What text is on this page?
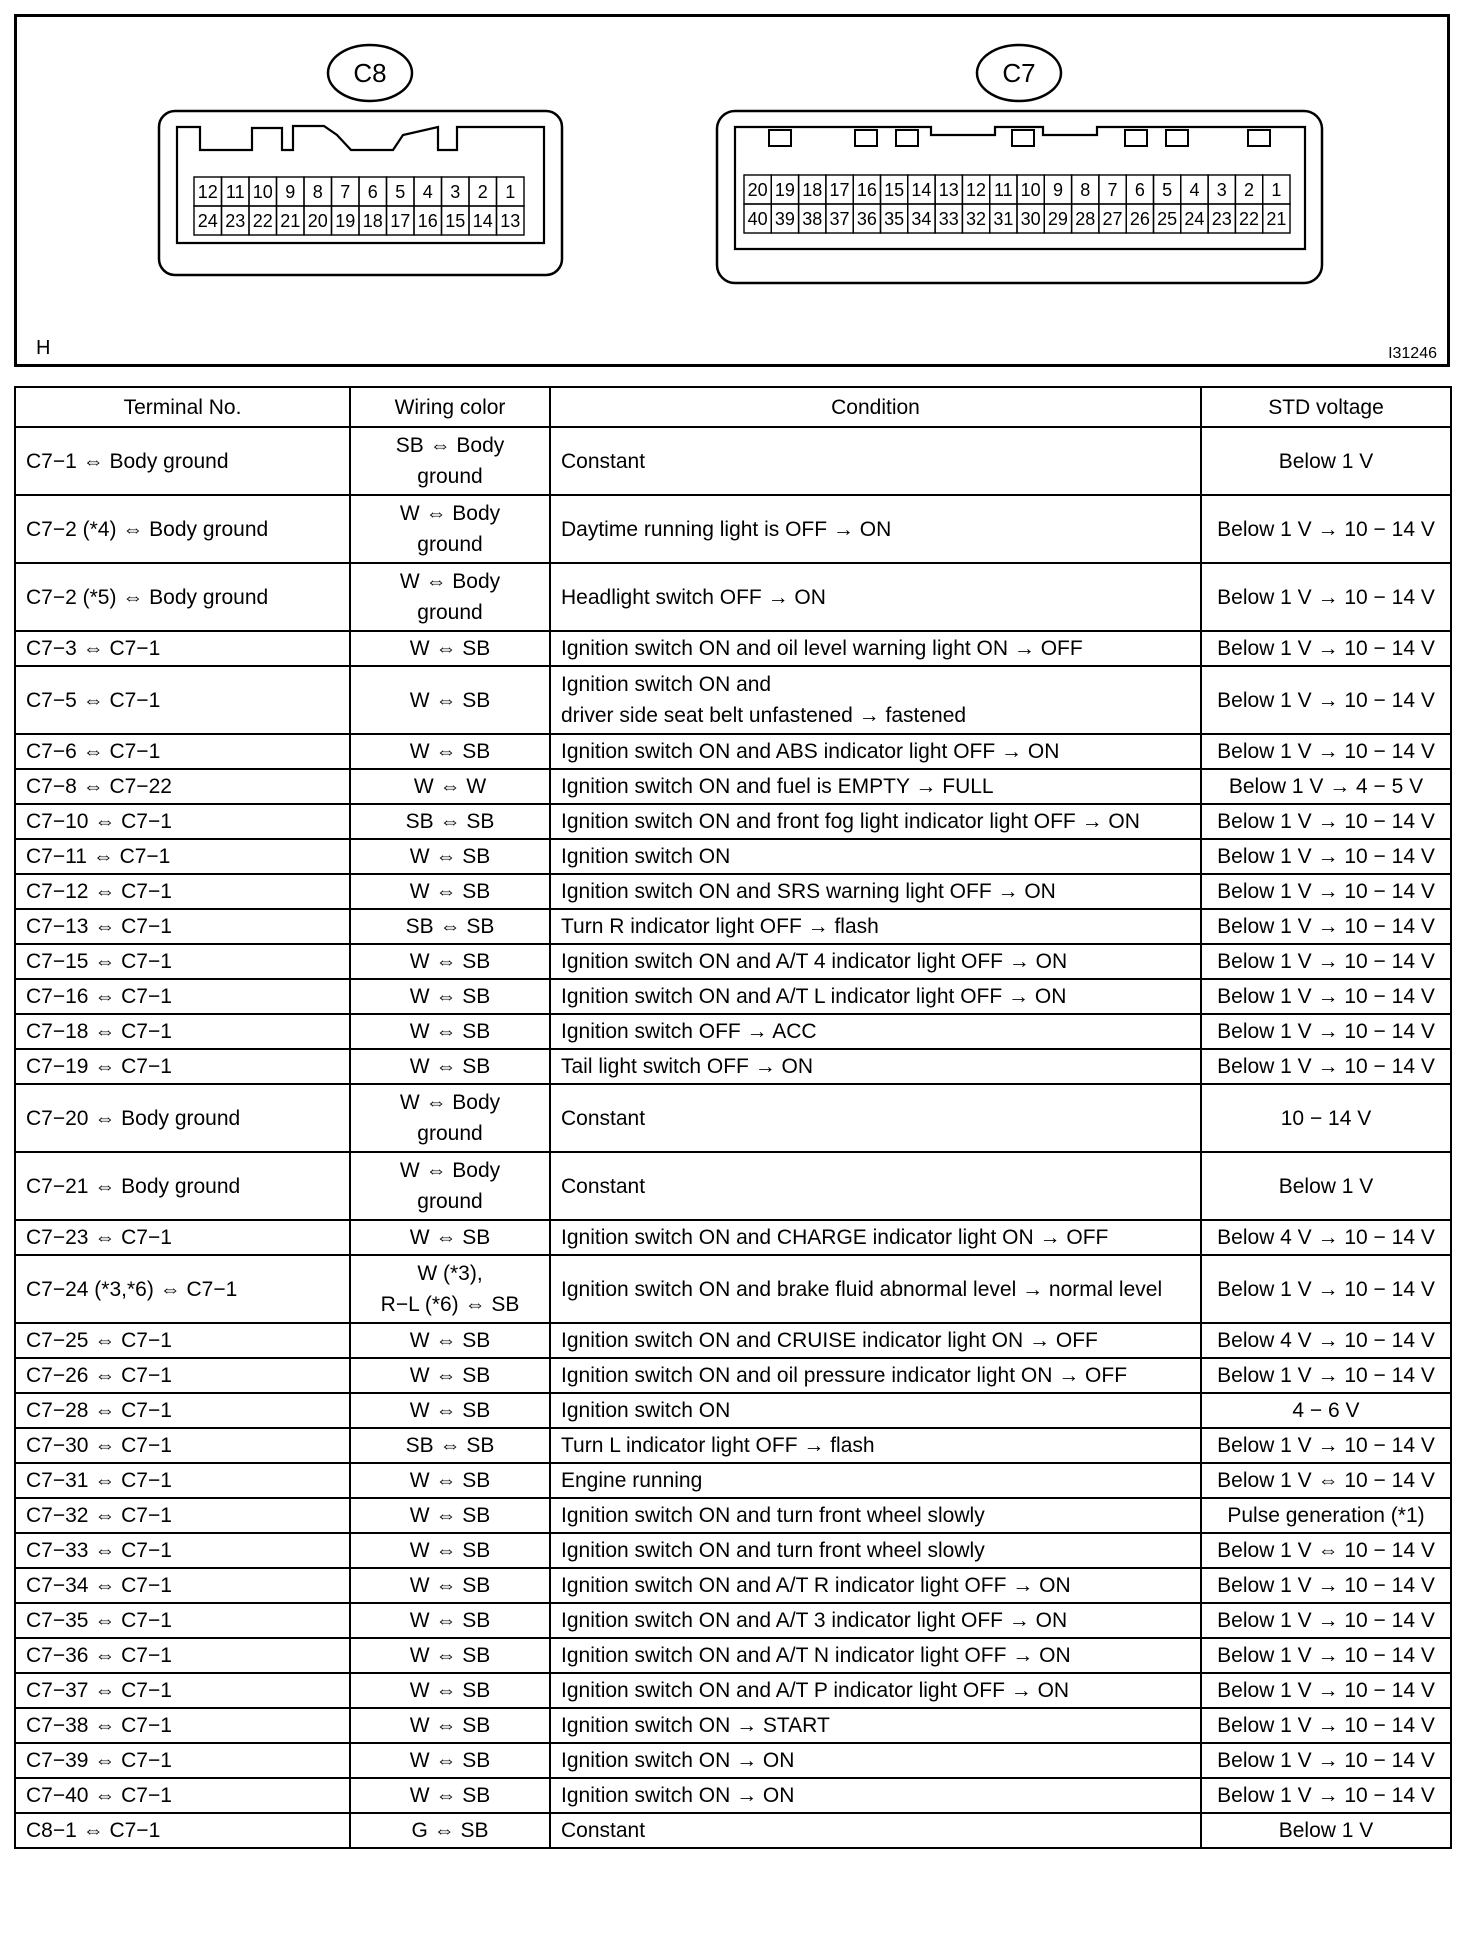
C8
12 11 10 9 8 7 6 5 4 3 2 1
24 23 22 21 20 19 18 17 16 15 14 13
C7
20 19 18 17 16 15 14 13 12 11 10 9 8 7 6 5 4 3 2 1
40 39 38 37 36 35 34 33 32 31 30 29 28 27 26 25 24 23 22 21
H	I31246
Terminal No.	Wiring color	Condition	STD voltage
C7−1 ⇔ Body ground	SB ⇔ Body
ground	Constant	Below 1 V
C7−2 (*4) ⇔ Body ground	W ⇔ Body
ground	Daytime running light is OFF → ON	Below 1 V → 10 − 14 V
C7−2 (*5) ⇔ Body ground	W ⇔ Body
ground	Headlight switch OFF → ON	Below 1 V → 10 − 14 V
C7−3 ⇔ C7−1	W ⇔ SB	Ignition switch ON and oil level warning light ON → OFF	Below 1 V → 10 − 14 V
C7−5 ⇔ C7−1	W ⇔ SB	Ignition switch ON and
driver side seat belt unfastened → fastened	Below 1 V → 10 − 14 V
C7−6 ⇔ C7−1	W ⇔ SB	Ignition switch ON and ABS indicator light OFF → ON	Below 1 V → 10 − 14 V
C7−8 ⇔ C7−22	W ⇔ W	Ignition switch ON and fuel is EMPTY → FULL	Below 1 V → 4 − 5 V
C7−10 ⇔ C7−1	SB ⇔ SB	Ignition switch ON and front fog light indicator light OFF → ON	Below 1 V → 10 − 14 V
C7−11 ⇔ C7−1	W ⇔ SB	Ignition switch ON	Below 1 V → 10 − 14 V
C7−12 ⇔ C7−1	W ⇔ SB	Ignition switch ON and SRS warning light OFF → ON	Below 1 V → 10 − 14 V
C7−13 ⇔ C7−1	SB ⇔ SB	Turn R indicator light OFF → flash	Below 1 V → 10 − 14 V
C7−15 ⇔ C7−1	W ⇔ SB	Ignition switch ON and A/T 4 indicator light OFF → ON	Below 1 V → 10 − 14 V
C7−16 ⇔ C7−1	W ⇔ SB	Ignition switch ON and A/T L indicator light OFF → ON	Below 1 V → 10 − 14 V
C7−18 ⇔ C7−1	W ⇔ SB	Ignition switch OFF → ACC	Below 1 V → 10 − 14 V
C7−19 ⇔ C7−1	W ⇔ SB	Tail light switch OFF → ON	Below 1 V → 10 − 14 V
C7−20 ⇔ Body ground	W ⇔ Body
ground	Constant	10 − 14 V
C7−21 ⇔ Body ground	W ⇔ Body
ground	Constant	Below 1 V
C7−23 ⇔ C7−1	W ⇔ SB	Ignition switch ON and CHARGE indicator light ON → OFF	Below 4 V → 10 − 14 V
C7−24 (*3,*6) ⇔ C7−1	W (*3),
R−L (*6) ⇔ SB	Ignition switch ON and brake fluid abnormal level → normal level	Below 1 V → 10 − 14 V
C7−25 ⇔ C7−1	W ⇔ SB	Ignition switch ON and CRUISE indicator light ON → OFF	Below 4 V → 10 − 14 V
C7−26 ⇔ C7−1	W ⇔ SB	Ignition switch ON and oil pressure indicator light ON → OFF	Below 1 V → 10 − 14 V
C7−28 ⇔ C7−1	W ⇔ SB	Ignition switch ON	4 − 6 V
C7−30 ⇔ C7−1	SB ⇔ SB	Turn L indicator light OFF → flash	Below 1 V → 10 − 14 V
C7−31 ⇔ C7−1	W ⇔ SB	Engine running	Below 1 V ⇔ 10 − 14 V
C7−32 ⇔ C7−1	W ⇔ SB	Ignition switch ON and turn front wheel slowly	Pulse generation (*1)
C7−33 ⇔ C7−1	W ⇔ SB	Ignition switch ON and turn front wheel slowly	Below 1 V ⇔ 10 − 14 V
C7−34 ⇔ C7−1	W ⇔ SB	Ignition switch ON and A/T R indicator light OFF → ON	Below 1 V → 10 − 14 V
C7−35 ⇔ C7−1	W ⇔ SB	Ignition switch ON and A/T 3 indicator light OFF → ON	Below 1 V → 10 − 14 V
C7−36 ⇔ C7−1	W ⇔ SB	Ignition switch ON and A/T N indicator light OFF → ON	Below 1 V → 10 − 14 V
C7−37 ⇔ C7−1	W ⇔ SB	Ignition switch ON and A/T P indicator light OFF → ON	Below 1 V → 10 − 14 V
C7−38 ⇔ C7−1	W ⇔ SB	Ignition switch ON → START	Below 1 V → 10 − 14 V
C7−39 ⇔ C7−1	W ⇔ SB	Ignition switch ON → ON	Below 1 V → 10 − 14 V
C7−40 ⇔ C7−1	W ⇔ SB	Ignition switch ON → ON	Below 1 V → 10 − 14 V
C8−1 ⇔ C7−1	G ⇔ SB	Constant	Below 1 V
